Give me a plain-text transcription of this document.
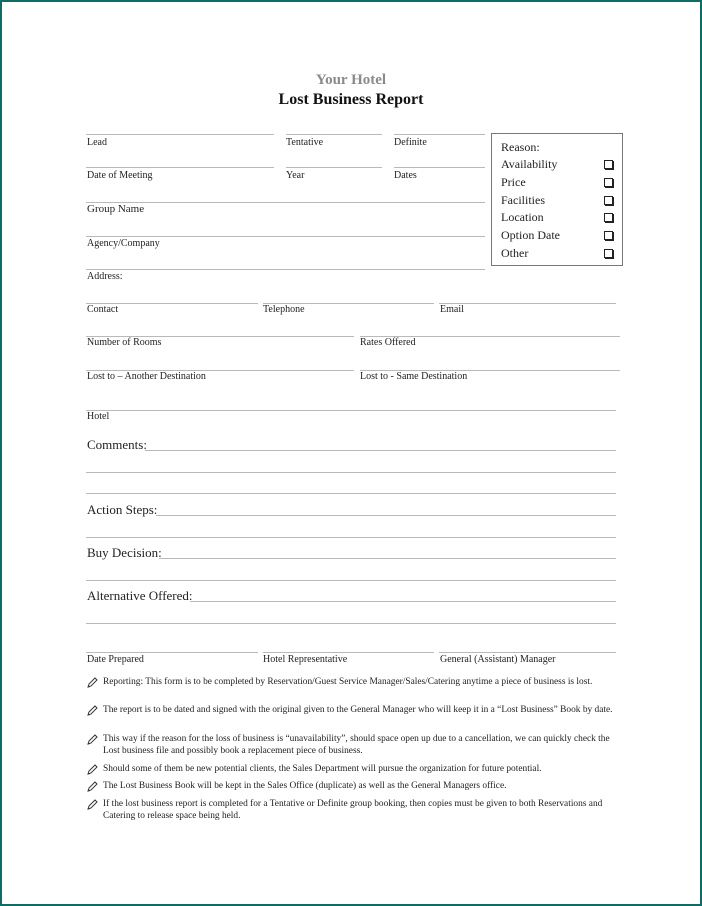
Your Hotel
Lost Business Report
Lead	Tentative	Definite
Date of Meeting	Year	Dates
Group Name
Agency/Company
Address:
Reason:
Availability
Price
Facilities
Location
Option Date
Other
Contact	Telephone	Email
Number of Rooms	Rates Offered
Lost to – Another Destination	Lost to - Same Destination
Hotel
Comments:
Action Steps:
Buy Decision:
Alternative Offered:
Date Prepared	Hotel Representative	General (Assistant) Manager
Reporting: This form is to be completed by Reservation/Guest Service Manager/Sales/Catering anytime a piece of business is lost.
The report is to be dated and signed with the original given to the General Manager who will keep it in a “Lost Business” Book by date.
This way if the reason for the loss of business is “unavailability”, should space open up due to a cancellation, we can quickly check the Lost business file and possibly book a replacement piece of business.
Should some of them be new potential clients, the Sales Department will pursue the organization for future potential.
The Lost Business Book will be kept in the Sales Office (duplicate) as well as the General Managers office.
If the lost business report is completed for a Tentative or Definite group booking, then copies must be given to both Reservations and Catering to release space being held.
